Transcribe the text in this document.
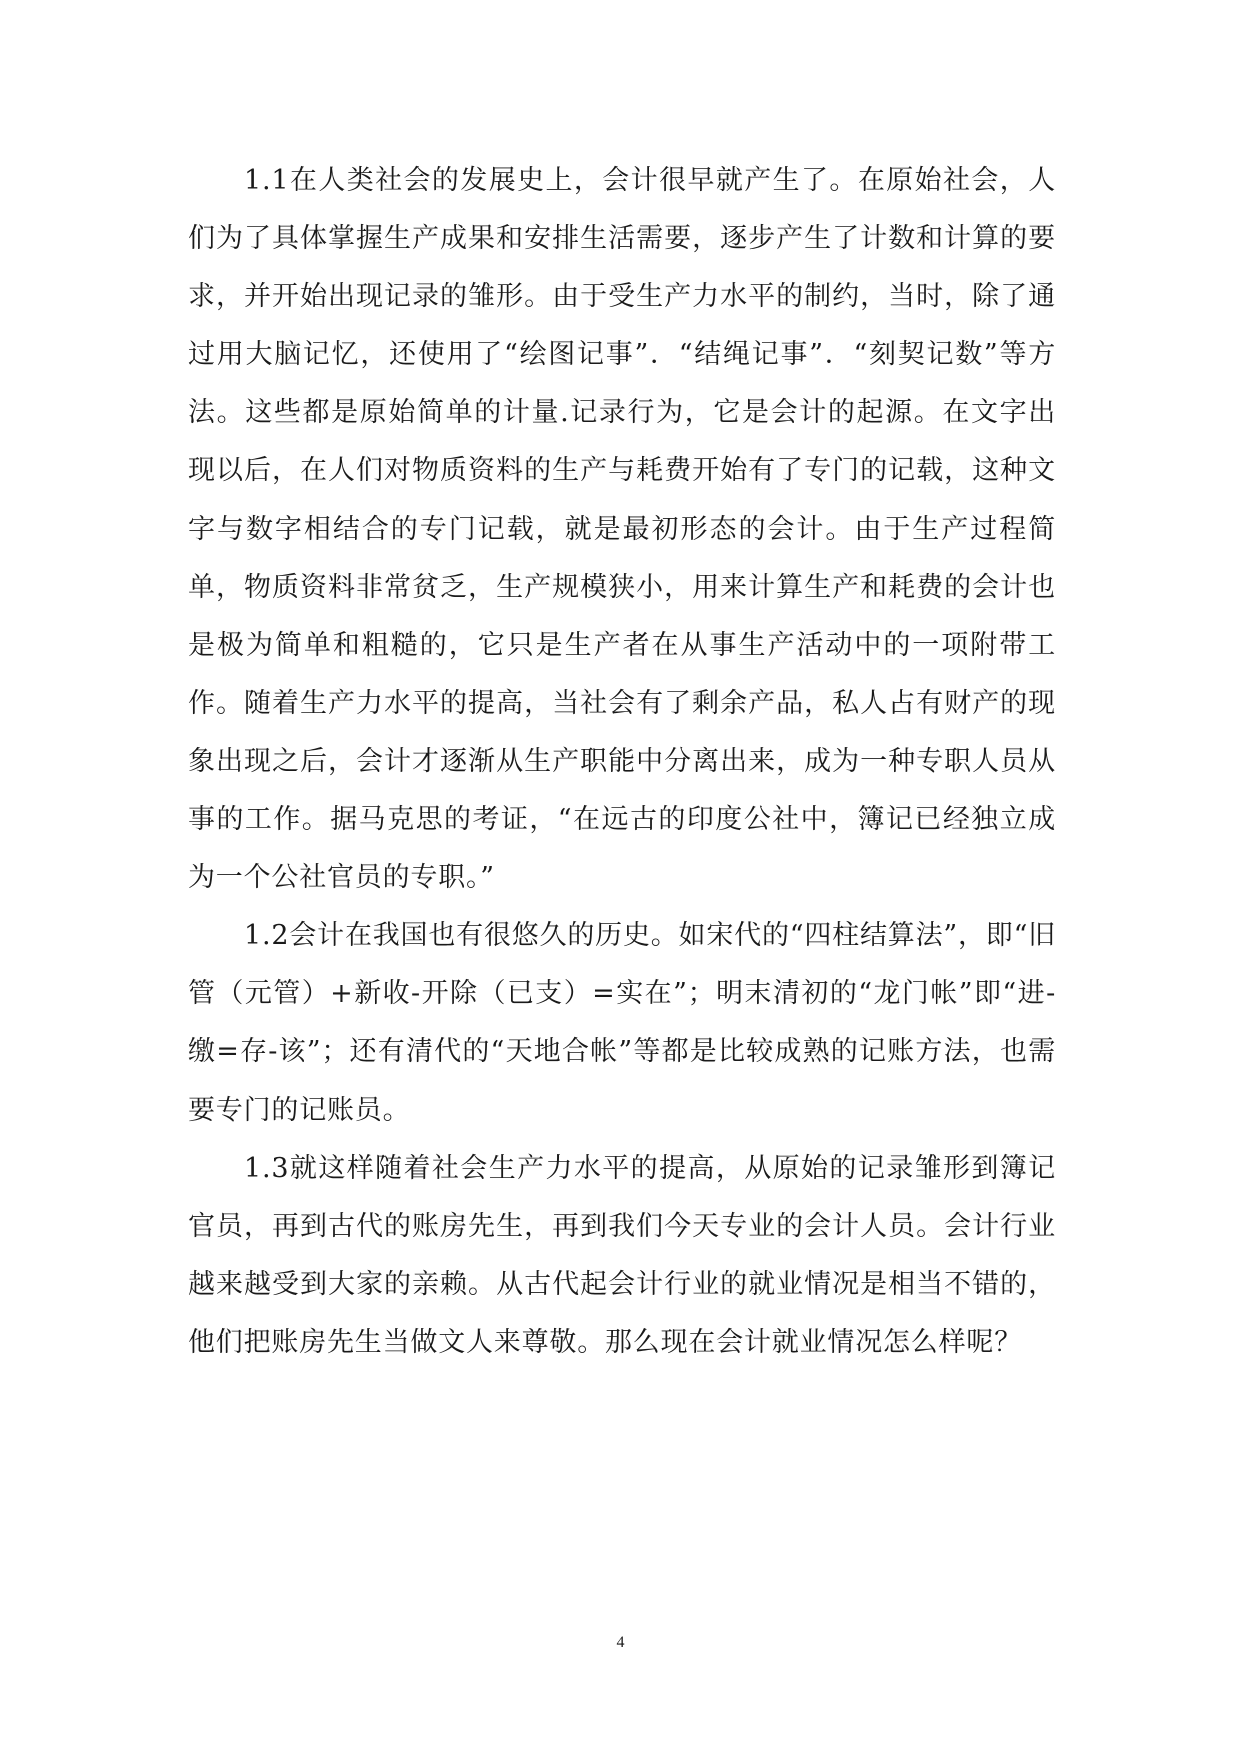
1.1在人类社会的发展史上，会计很早就产生了。在原始社会，人们为了具体掌握生产成果和安排生活需要，逐步产生了计数和计算的要求，并开始出现记录的雏形。由于受生产力水平的制约，当时，除了通过用大脑记忆，还使用了“绘图记事”．“结绳记事”．“刻契记数”等方法。这些都是原始简单的计量.记录行为，它是会计的起源。在文字出现以后，在人们对物质资料的生产与耗费开始有了专门的记载，这种文字与数字相结合的专门记载，就是最初形态的会计。由于生产过程简单，物质资料非常贫乏，生产规模狭小，用来计算生产和耗费的会计也是极为简单和粗糙的，它只是生产者在从事生产活动中的一项附带工作。随着生产力水平的提高，当社会有了剩余产品，私人占有财产的现象出现之后，会计才逐渐从生产职能中分离出来，成为一种专职人员从事的工作。据马克思的考证，“在远古的印度公社中，簿记已经独立成为一个公社官员的专职。”

1.2会计在我国也有很悠久的历史。如宋代的“四柱结算法”，即“旧管（元管）+新收-开除（已支）=实在”；明末清初的“龙门帐”即“进-缴=存-该”；还有清代的“天地合帐”等都是比较成熟的记账方法，也需要专门的记账员。

1.3就这样随着社会生产力水平的提高，从原始的记录雏形到簿记官员，再到古代的账房先生，再到我们今天专业的会计人员。会计行业越来越受到大家的亲赖。从古代起会计行业的就业情况是相当不错的，他们把账房先生当做文人来尊敬。那么现在会计就业情况怎么样呢？

4
